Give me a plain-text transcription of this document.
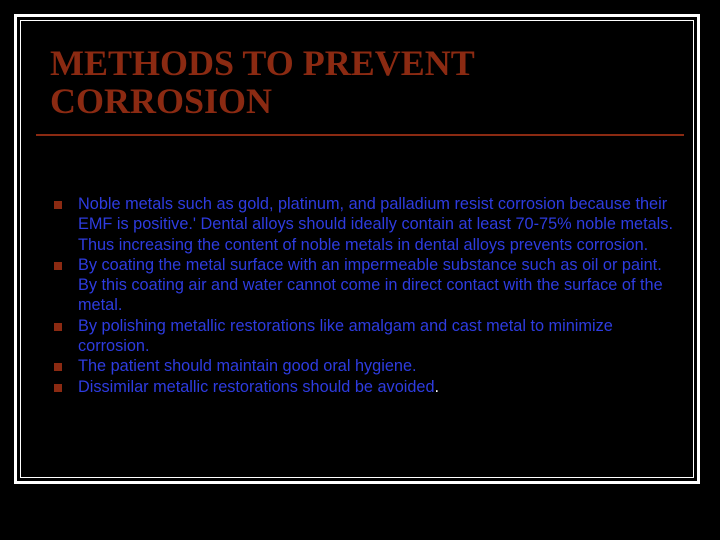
METHODS TO PREVENT
CORROSION
Noble metals such as gold, platinum, and palladium resist corrosion because their EMF is positive.' Dental alloys should ideally contain at least 70-75% noble metals. Thus increasing the content of noble metals in dental alloys prevents corrosion.
By coating the metal surface with an impermeable substance such as oil or paint. By this coating air and water cannot come in direct contact with the surface of the metal.
By polishing metallic restorations like amalgam and cast metal to minimize corrosion.
The patient should maintain good oral hygiene.
Dissimilar metallic restorations should be avoided.
